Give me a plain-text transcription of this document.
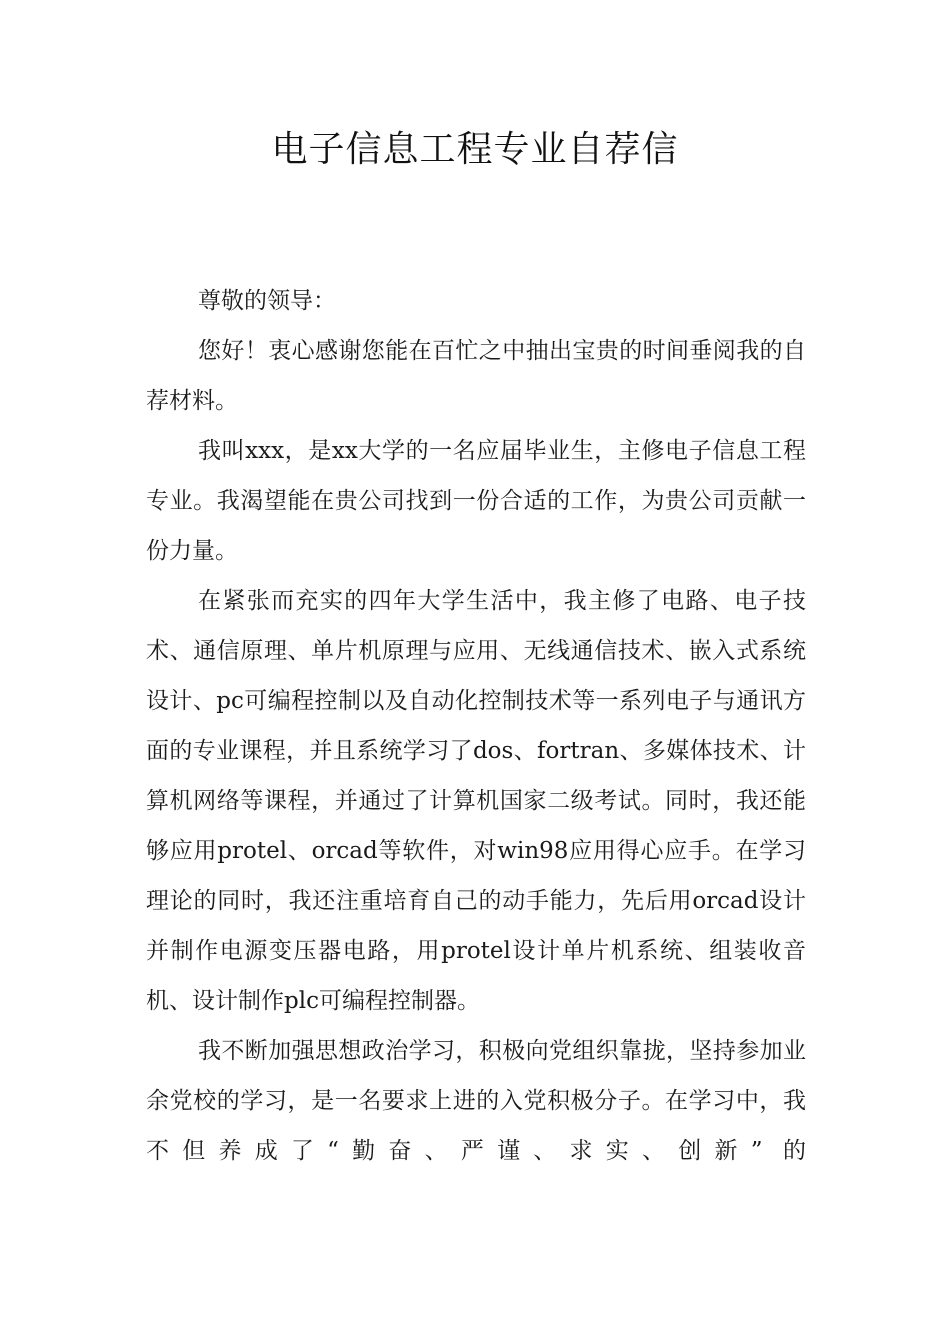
电子信息工程专业自荐信

尊敬的领导：

您好！衷心感谢您能在百忙之中抽出宝贵的时间垂阅我的自荐材料。

我叫xxx，是xx大学的一名应届毕业生，主修电子信息工程专业。我渴望能在贵公司找到一份合适的工作，为贵公司贡献一份力量。

在紧张而充实的四年大学生活中，我主修了电路、电子技术、通信原理、单片机原理与应用、无线通信技术、嵌入式系统设计、pc可编程控制以及自动化控制技术等一系列电子与通讯方面的专业课程，并且系统学习了dos、fortran、多媒体技术、计算机网络等课程，并通过了计算机国家二级考试。同时，我还能够应用protel、orcad等软件，对win98应用得心应手。在学习理论的同时，我还注重培育自己的动手能力，先后用orcad设计并制作电源变压器电路，用protel设计单片机系统、组装收音机、设计制作plc可编程控制器。

我不断加强思想政治学习，积极向党组织靠拢，坚持参加业余党校的学习，是一名要求上进的入党积极分子。在学习中，我不但养成了“勤奋、严谨、求实、创新” 的
